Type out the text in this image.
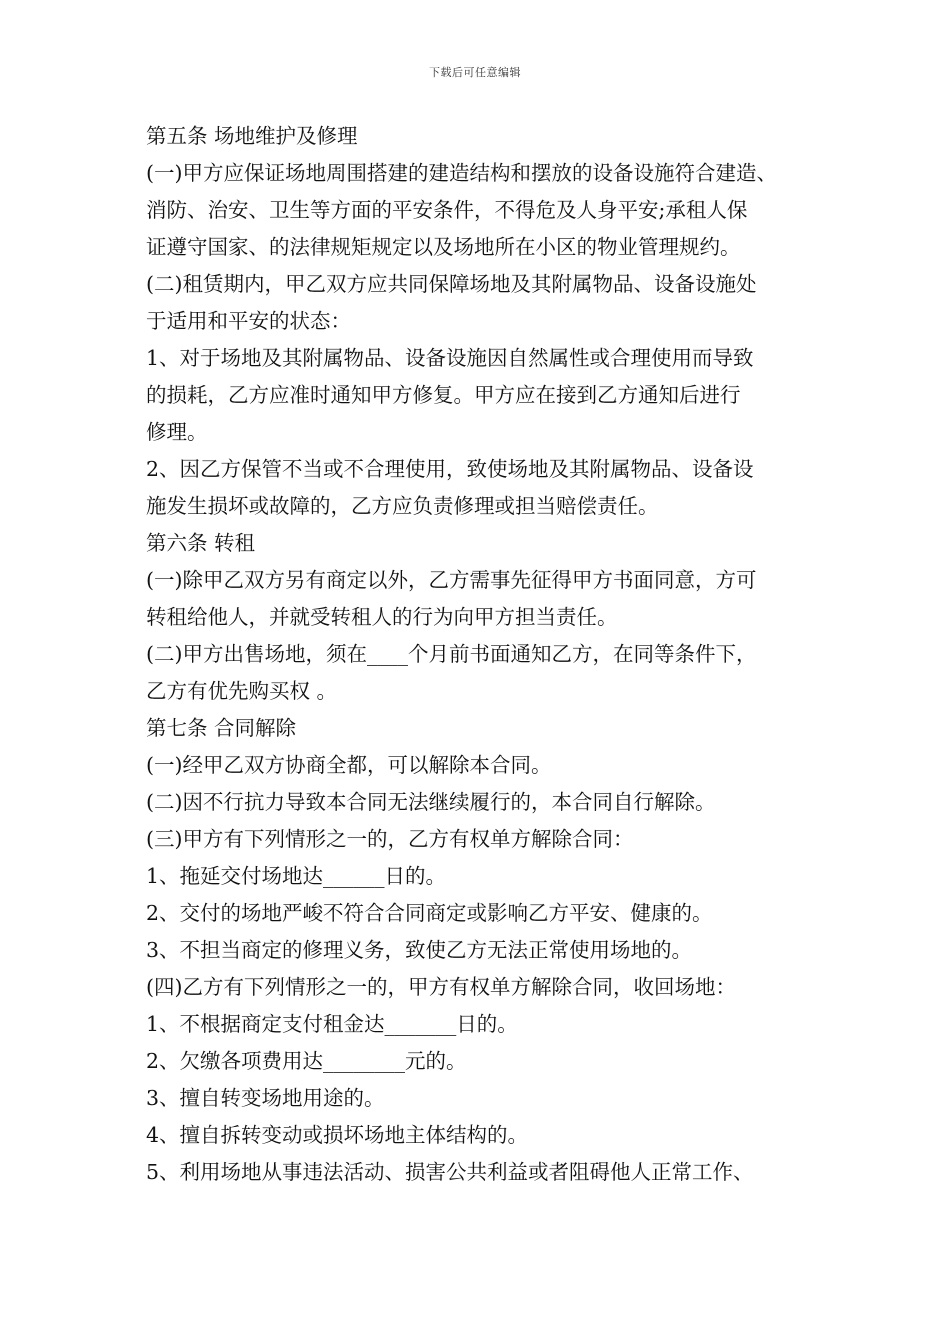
下载后可任意编辑
第五条 场地维护及修理
(一)甲方应保证场地周围搭建的建造结构和摆放的设备设施符合建造、
消防、治安、卫生等方面的平安条件，不得危及人身平安;承租人保
证遵守国家、的法律规矩规定以及场地所在小区的物业管理规约。
(二)租赁期内，甲乙双方应共同保障场地及其附属物品、设备设施处
于适用和平安的状态：
1、对于场地及其附属物品、设备设施因自然属性或合理使用而导致
的损耗，乙方应准时通知甲方修复。甲方应在接到乙方通知后进行
修理。
2、因乙方保管不当或不合理使用，致使场地及其附属物品、设备设
施发生损坏或故障的，乙方应负责修理或担当赔偿责任。
第六条 转租
(一)除甲乙双方另有商定以外，乙方需事先征得甲方书面同意，方可
转租给他人，并就受转租人的行为向甲方担当责任。
(二)甲方出售场地，须在____个月前书面通知乙方，在同等条件下，
乙方有优先购买权 。
第七条 合同解除
(一)经甲乙双方协商全都，可以解除本合同。
(二)因不行抗力导致本合同无法继续履行的，本合同自行解除。
(三)甲方有下列情形之一的，乙方有权单方解除合同：
1、拖延交付场地达______日的。
2、交付的场地严峻不符合合同商定或影响乙方平安、健康的。
3、不担当商定的修理义务，致使乙方无法正常使用场地的。
(四)乙方有下列情形之一的，甲方有权单方解除合同，收回场地：
1、不根据商定支付租金达_______日的。
2、欠缴各项费用达________元的。
3、擅自转变场地用途的。
4、擅自拆转变动或损坏场地主体结构的。
5、利用场地从事违法活动、损害公共利益或者阻碍他人正常工作、
